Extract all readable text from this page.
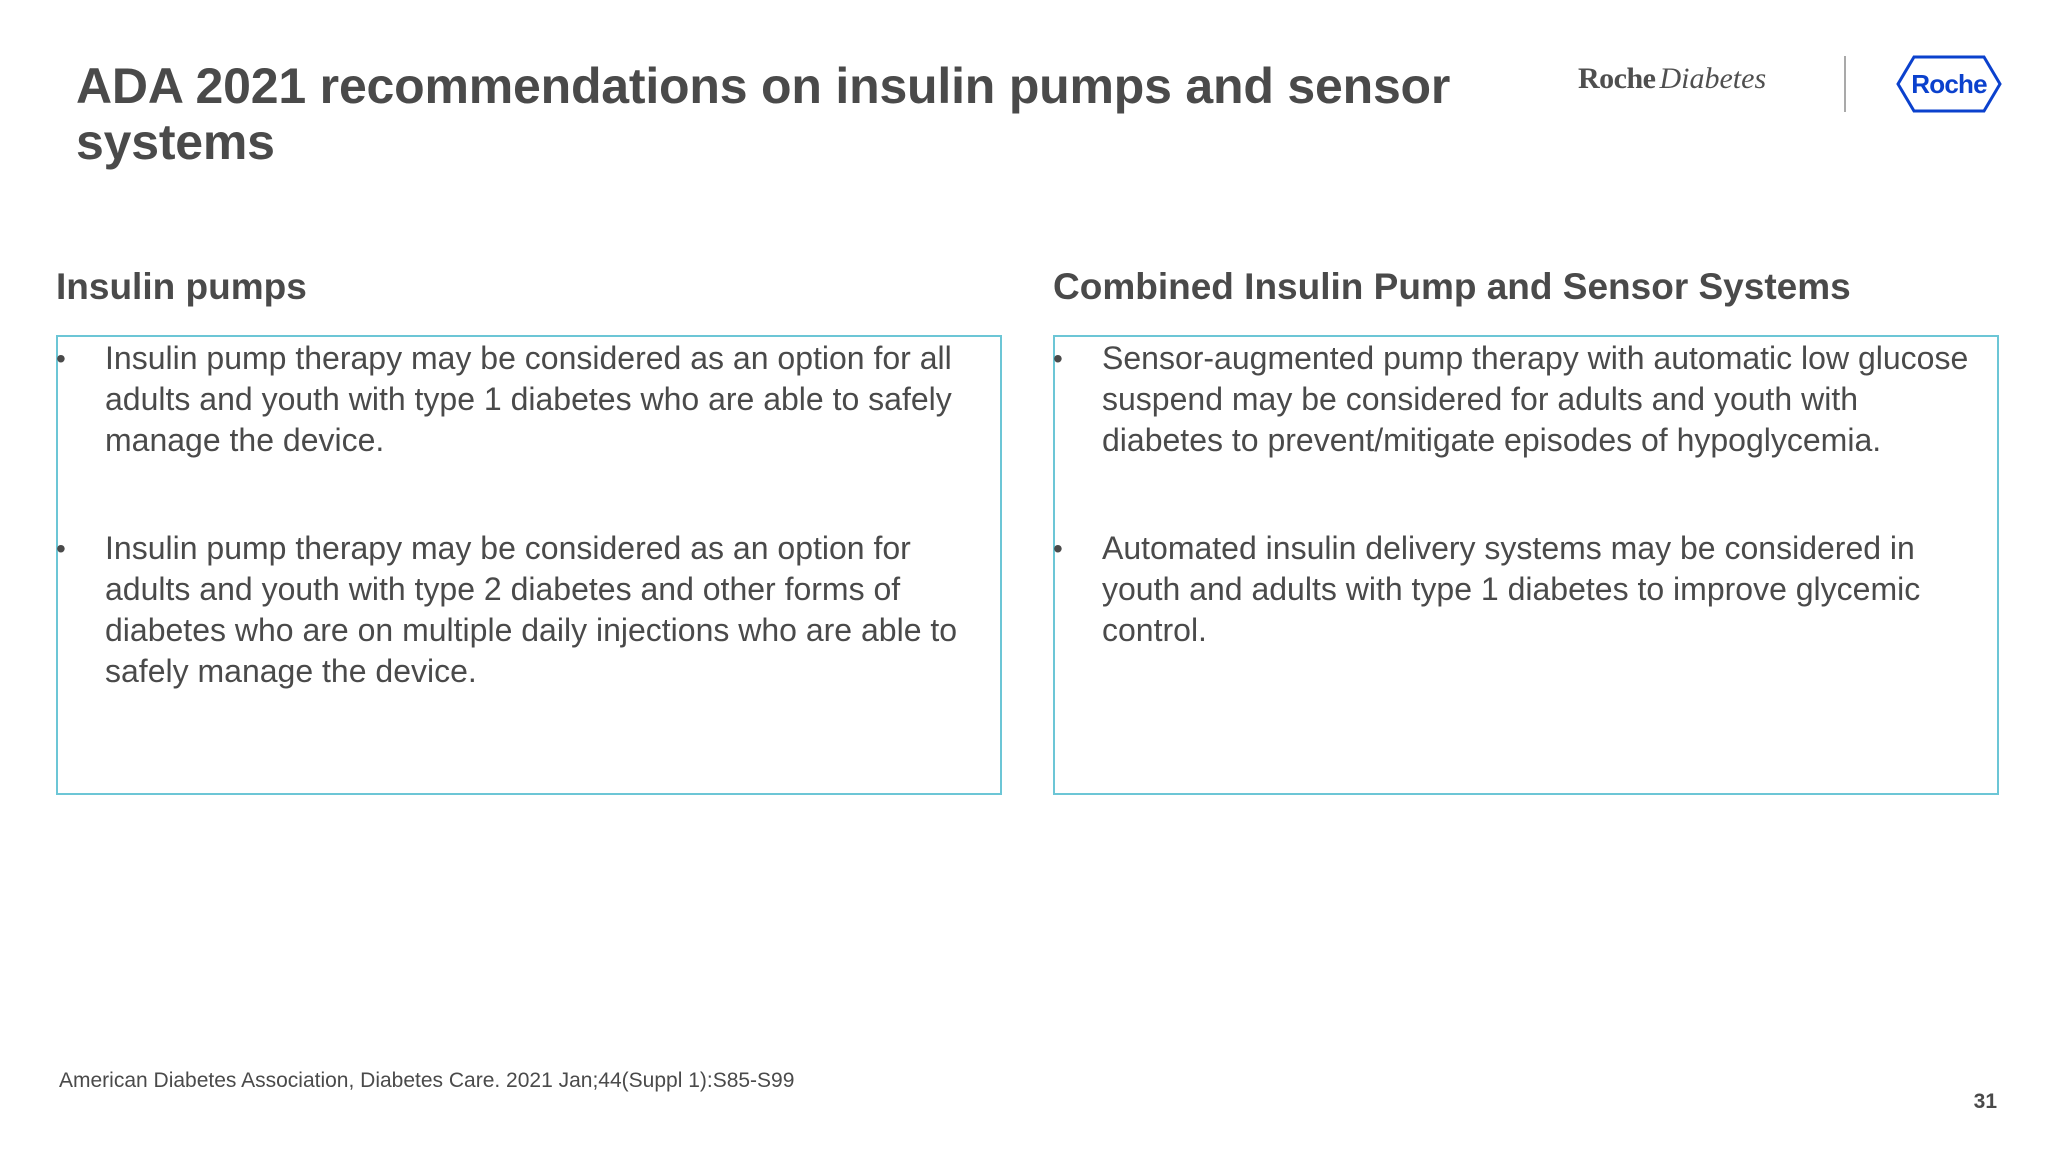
ADA 2021 recommendations on insulin pumps and sensor systems
Roche Diabetes	Roche
Insulin pumps	Combined Insulin Pump and Sensor Systems
•	Insulin pump therapy may be considered as an option for all adults and youth with type 1 diabetes who are able to safely manage the device.
•	Insulin pump therapy may be considered as an option for adults and youth with type 2 diabetes and other forms of diabetes who are on multiple daily injections who are able to safely manage the device.
•	Sensor-augmented pump therapy with automatic low glucose suspend may be considered for adults and youth with diabetes to prevent/mitigate episodes of hypoglycemia.
•	Automated insulin delivery systems may be considered in youth and adults with type 1 diabetes to improve glycemic control.
American Diabetes Association, Diabetes Care. 2021 Jan;44(Suppl 1):S85-S99
31
